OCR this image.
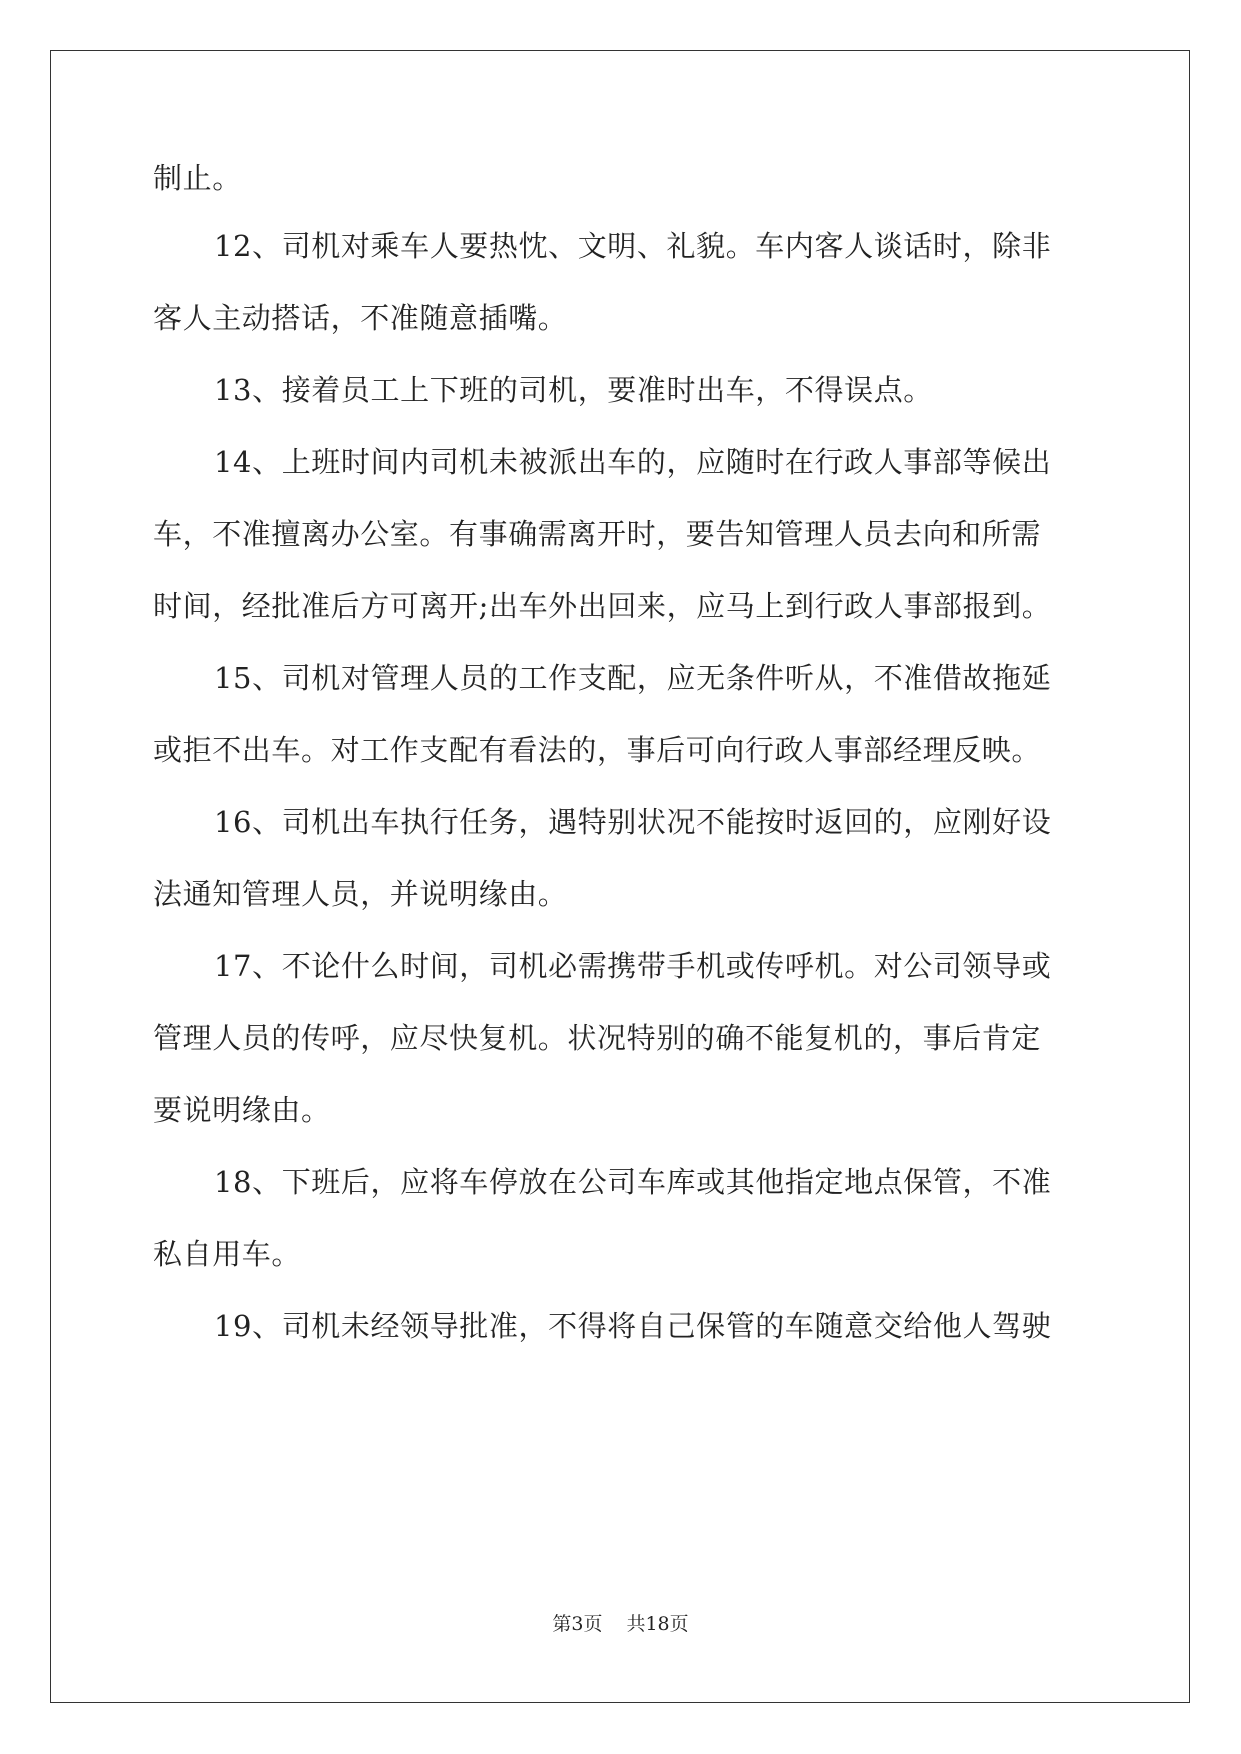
制止。
12、司机对乘车人要热忱、文明、礼貌。车内客人谈话时，除非
客人主动搭话，不准随意插嘴。
13、接着员工上下班的司机，要准时出车，不得误点。
14、上班时间内司机未被派出车的，应随时在行政人事部等候出
车，不准擅离办公室。有事确需离开时，要告知管理人员去向和所需
时间，经批准后方可离开;出车外出回来，应马上到行政人事部报到。
15、司机对管理人员的工作支配，应无条件听从，不准借故拖延
或拒不出车。对工作支配有看法的，事后可向行政人事部经理反映。
16、司机出车执行任务，遇特别状况不能按时返回的，应刚好设
法通知管理人员，并说明缘由。
17、不论什么时间，司机必需携带手机或传呼机。对公司领导或
管理人员的传呼，应尽快复机。状况特别的确不能复机的，事后肯定
要说明缘由。
18、下班后，应将车停放在公司车库或其他指定地点保管，不准
私自用车。
19、司机未经领导批准，不得将自己保管的车随意交给他人驾驶
第3页 共18页
